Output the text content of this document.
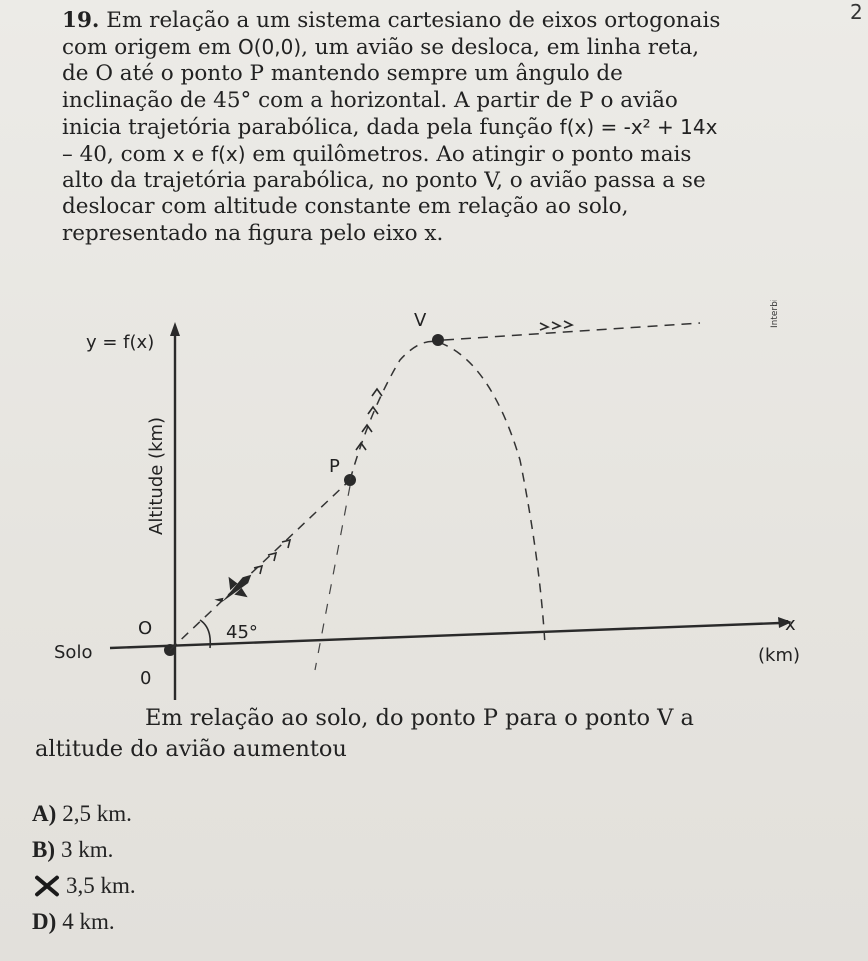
2
19. Em relação a um sistema cartesiano de eixos ortogonais
com origem em O(0,0), um avião se desloca, em linha reta,
de O até o ponto P mantendo sempre um ângulo de
inclinação de 45° com a horizontal. A partir de P o avião
inicia trajetória parabólica, dada pela função f(x) = -x² + 14x
– 40, com x e f(x) em quilômetros. Ao atingir o ponto mais
alto da trajetória parabólica, no ponto V, o avião passa a se
deslocar com altitude constante em relação ao solo,
representado na figura pelo eixo x.
y = f(x)
Altitude (km)
O
0
Solo
45°
P
V
x
(km)
Interbits®
Em relação ao solo, do ponto P para o ponto V a
altitude do avião aumentou
A) 2,5 km.
B) 3 km.
3,5 km.
D) 4 km.
